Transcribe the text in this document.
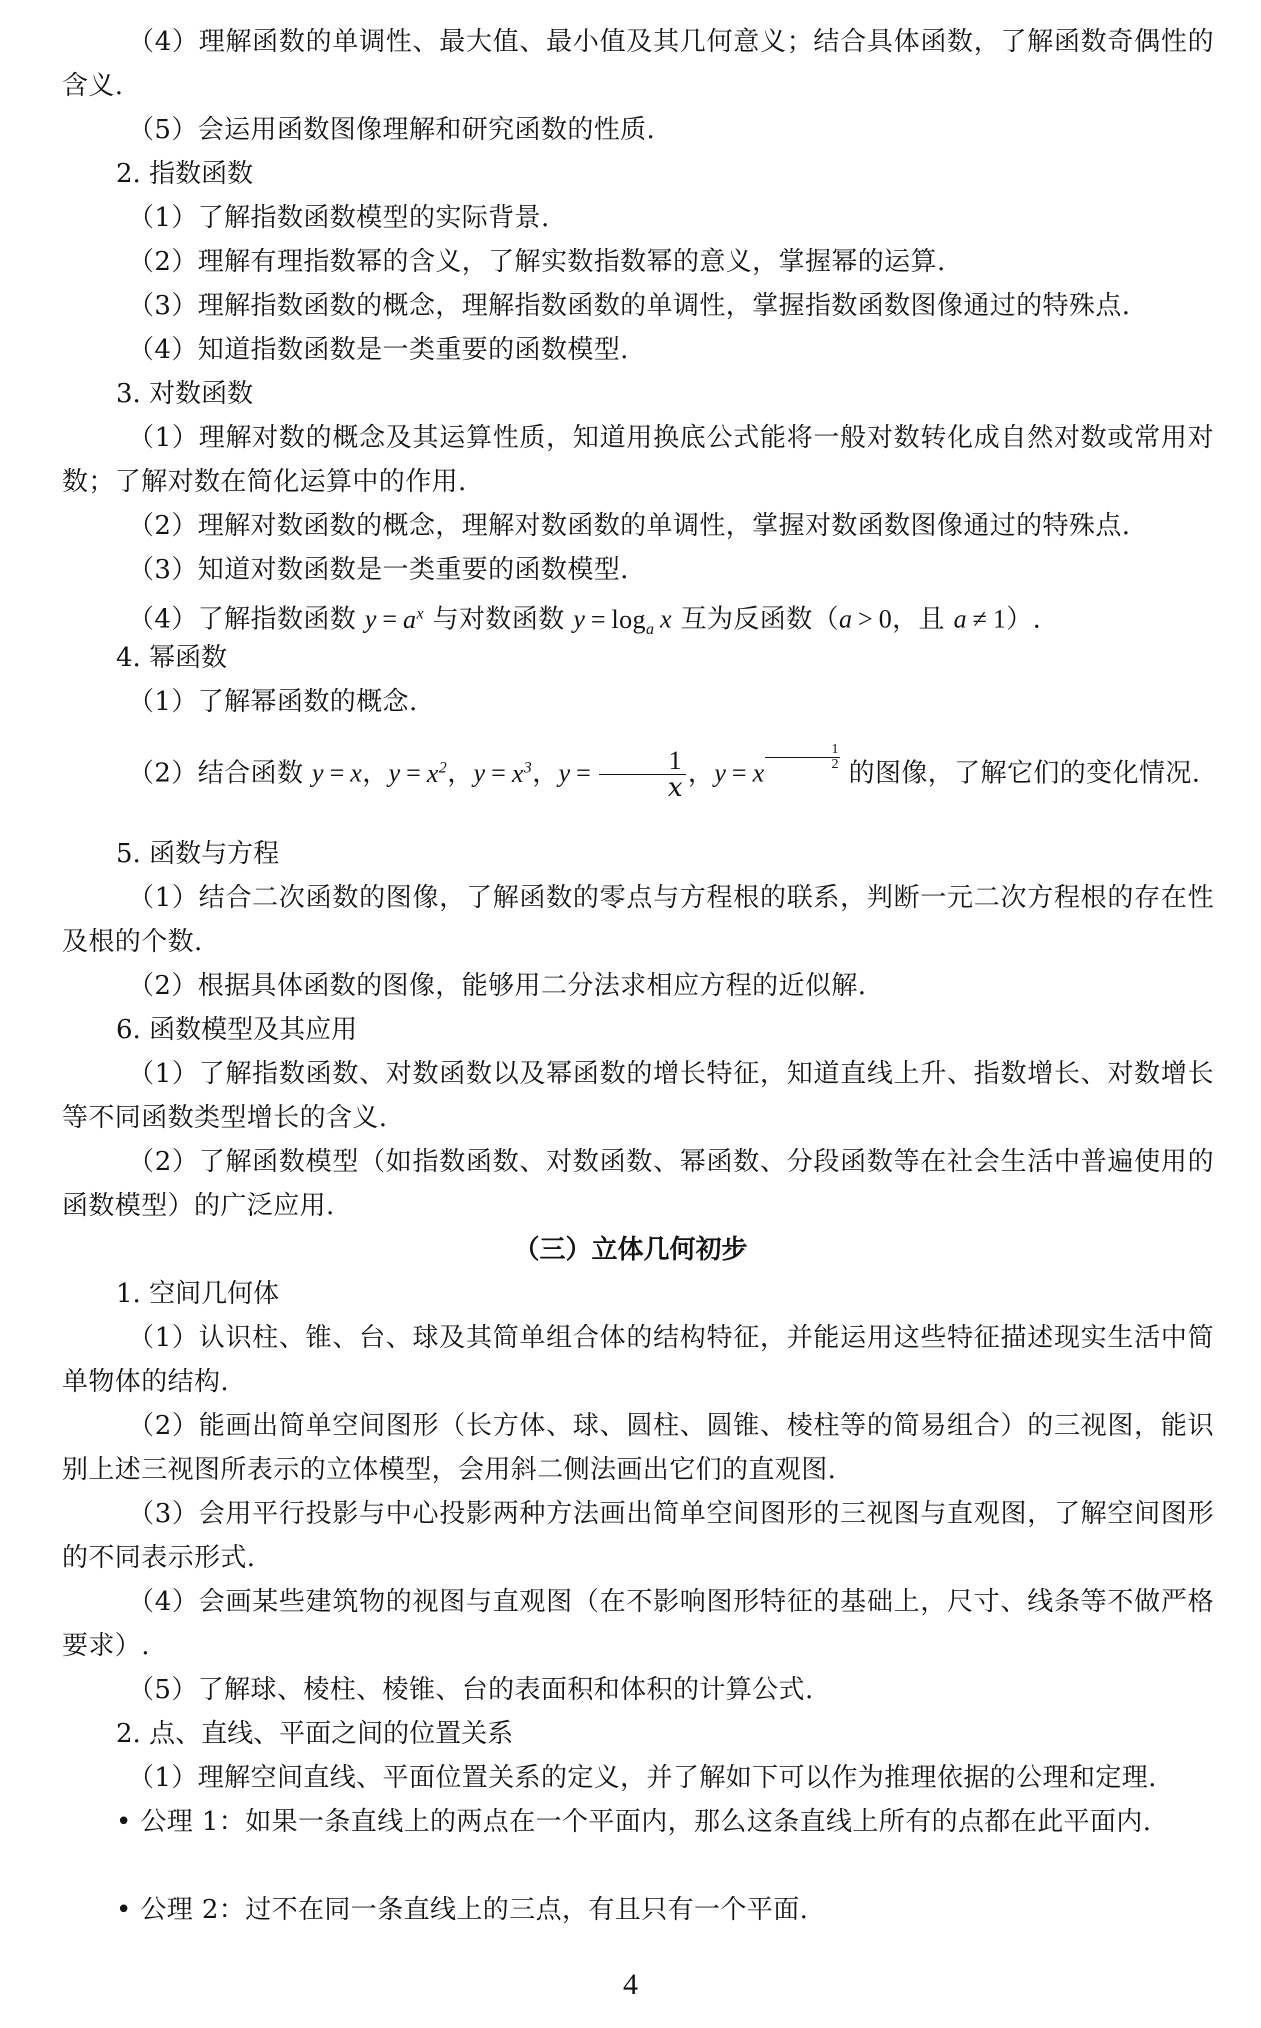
（4）理解函数的单调性、最大值、最小值及其几何意义；结合具体函数，了解函数奇偶性的含义.
（5）会运用函数图像理解和研究函数的性质.
2. 指数函数
（1）了解指数函数模型的实际背景.
（2）理解有理指数幂的含义，了解实数指数幂的意义，掌握幂的运算.
（3）理解指数函数的概念，理解指数函数的单调性，掌握指数函数图像通过的特殊点.
（4）知道指数函数是一类重要的函数模型.
3. 对数函数
（1）理解对数的概念及其运算性质，知道用换底公式能将一般对数转化成自然对数或常用对数；了解对数在简化运算中的作用.
（2）理解对数函数的概念，理解对数函数的单调性，掌握对数函数图像通过的特殊点.
（3）知道对数函数是一类重要的函数模型.
（4）了解指数函数 $y = a^x$ 与对数函数 $y = \log_a x$ 互为反函数（a > 0，且 a ≠ 1）.
4. 幂函数
（1）了解幂函数的概念.
（2）结合函数 y = x，$y = x^2$，$y = x^3$，$y = \frac{1}{x}$ ，y = x
$\frac{1}{2}$
的图像，了解它们的变化情况.
5. 函数与方程
（1）结合二次函数的图像，了解函数的零点与方程根的联系，判断一元二次方程根的存在性及根的个数.
（2）根据具体函数的图像，能够用二分法求相应方程的近似解.
6. 函数模型及其应用
（1）了解指数函数、对数函数以及幂函数的增长特征，知道直线上升、指数增长、对数增长等不同函数类型增长的含义.
（2）了解函数模型（如指数函数、对数函数、幂函数、分段函数等在社会生活中普遍使用的函数模型）的广泛应用.
（三）立体几何初步
1. 空间几何体
（1）认识柱、锥、台、球及其简单组合体的结构特征，并能运用这些特征描述现实生活中简单物体的结构.
（2）能画出简单空间图形（长方体、球、圆柱、圆锥、棱柱等的简易组合）的三视图，能识别上述三视图所表示的立体模型，会用斜二侧法画出它们的直观图.
（3）会用平行投影与中心投影两种方法画出简单空间图形的三视图与直观图，了解空间图形的不同表示形式.
（4）会画某些建筑物的视图与直观图（在不影响图形特征的基础上，尺寸、线条等不做严格要求）.
（5）了解球、棱柱、棱锥、台的表面积和体积的计算公式.
2. 点、直线、平面之间的位置关系
（1）理解空间直线、平面位置关系的定义，并了解如下可以作为推理依据的公理和定理.
• 公理 1：如果一条直线上的两点在一个平面内，那么这条直线上所有的点都在此平面内.
• 公理 2：过不在同一条直线上的三点，有且只有一个平面.
4
